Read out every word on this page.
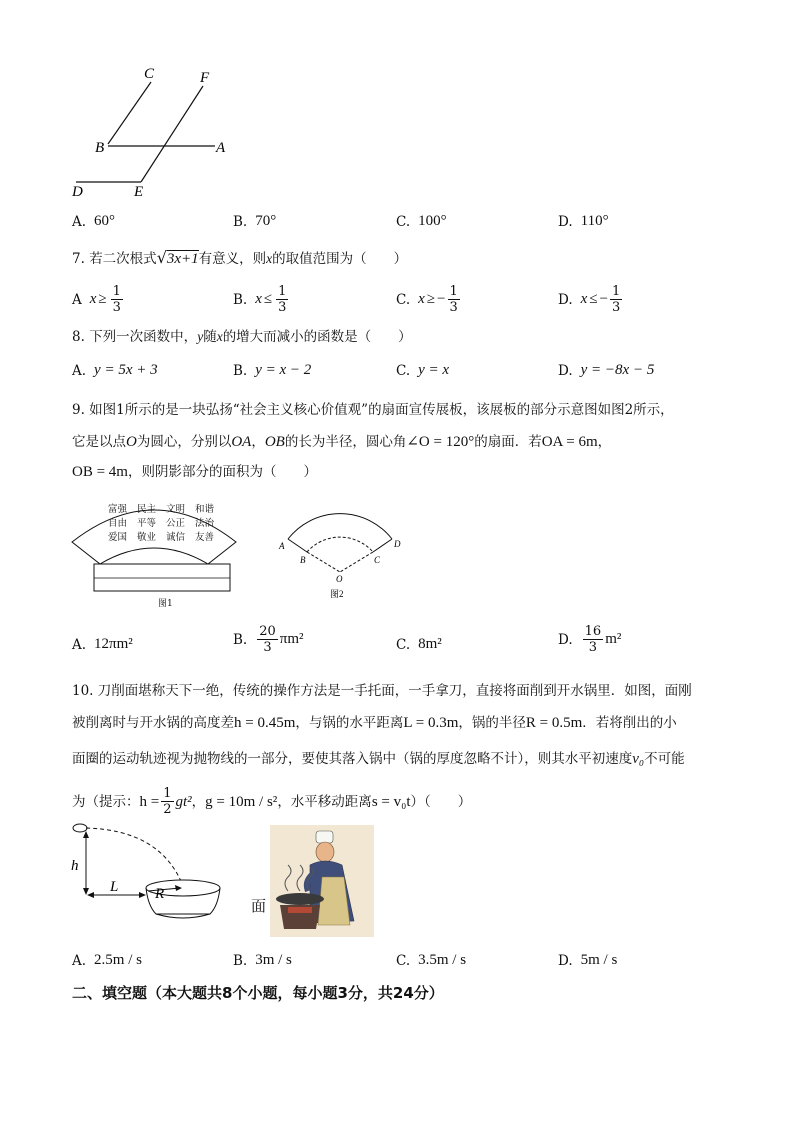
C	F
B	A
D	E
A. 60°	B. 70°	C. 100°	D. 110°
7. 若二次根式√3x+1有意义，则x的取值范围为（　　）
A $x \ge \frac{1}{3}$	B. $x \le \frac{1}{3}$	C. x ≥ − $\frac{1}{3}$	D. x ≤ − $\frac{1}{3}$
8. 下列一次函数中，y随x的增大而减小的函数是（　　）
A. y = 5x + 3	B. y = x − 2	C. y = x	D. y = −8x − 5
9. 如图1所示的是一块弘扬“社会主义核心价值观”的扇面宣传展板，该展板的部分示意图如图2所示，
它是以点O为圆心，分别以OA，OB的长为半径，圆心角∠O = 120°的扇面．若OA = 6m，
OB = 4m，则阴影部分的面积为（　　）
富强 民主 文明 和谐
自由 平等 公正 法治
爱国 敬业 诚信 友善
图1
A
B
O
C
D
图2
A. 12πm²	B. $\frac{20}{3} \pi m^2$	C. 8m²	D. $\frac{16}{3} m^2$
10. 刀削面堪称天下一绝，传统的操作方法是一手托面，一手拿刀，直接将面削到开水锅里．如图，面刚
被削离时与开水锅的高度差h = 0.45m，与锅的水平距离L = 0.3m，锅的半径R = 0.5m．若将削出的小
面圈的运动轨迹视为抛物线的一部分，要使其落入锅中（锅的厚度忽略不计），则其水平初速度v₀不可能
为（提示： $h = \frac{1}{2} gt^2$ ， g = 10m / s² ，水平移动距离 s = v₀t ）（　　）
h
L R
面
A. 2.5m / s	B. 3m / s	C. 3.5m / s	D. 5m / s
二、填空题（本大题共8个小题，每小题3分，共24分）
